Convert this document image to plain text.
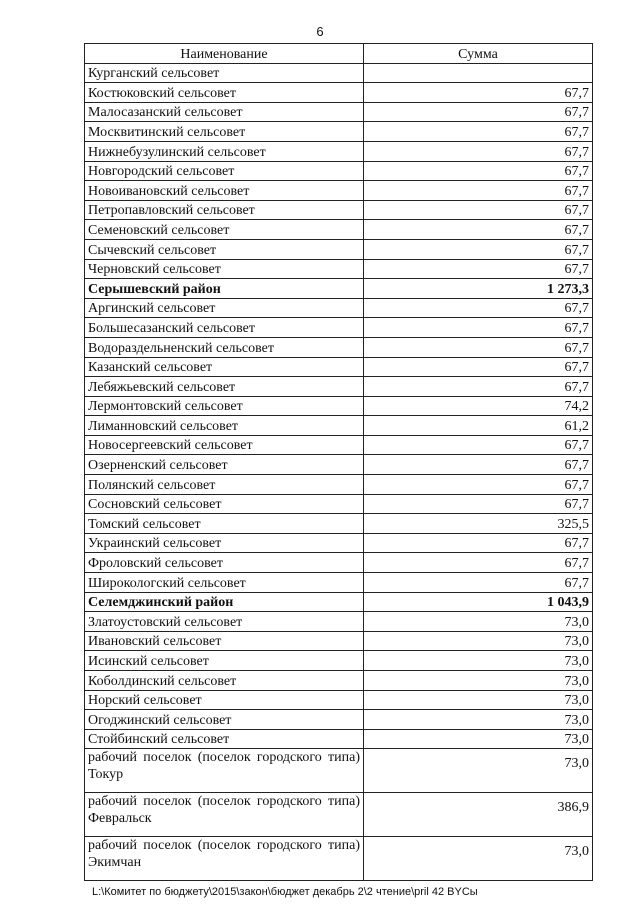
6
Наименование	Сумма
Курганский сельсовет	
Костюковский сельсовет	67,7
Малосазанский сельсовет	67,7
Москвитинский сельсовет	67,7
Нижнебузулинский сельсовет	67,7
Новгородский сельсовет	67,7
Новоивановский сельсовет	67,7
Петропавловский сельсовет	67,7
Семеновский сельсовет	67,7
Сычевский сельсовет	67,7
Черновский сельсовет	67,7
Серышевский район	1 273,3
Аргинский сельсовет	67,7
Большесазанский сельсовет	67,7
Водораздельненский сельсовет	67,7
Казанский сельсовет	67,7
Лебяжьевский сельсовет	67,7
Лермонтовский сельсовет	74,2
Лиманновский сельсовет	61,2
Новосергеевский сельсовет	67,7
Озерненский сельсовет	67,7
Полянский сельсовет	67,7
Сосновский сельсовет	67,7
Томский сельсовет	325,5
Украинский сельсовет	67,7
Фроловский сельсовет	67,7
Широкологский сельсовет	67,7
Селемджинский район	1 043,9
Златоустовский сельсовет	73,0
Ивановский сельсовет	73,0
Исинский сельсовет	73,0
Коболдинский сельсовет	73,0
Норский сельсовет	73,0
Огоджинский сельсовет	73,0
Стойбинский сельсовет	73,0
рабочий поселок (поселок городского типа) Токур	73,0
рабочий поселок (поселок городского типа) Февральск	386,9
рабочий поселок (поселок городского типа) Экимчан	73,0
L:\Комитет по бюджету\2015\закон\бюджет декабрь 2\2 чтение\pril 42 BYCы
